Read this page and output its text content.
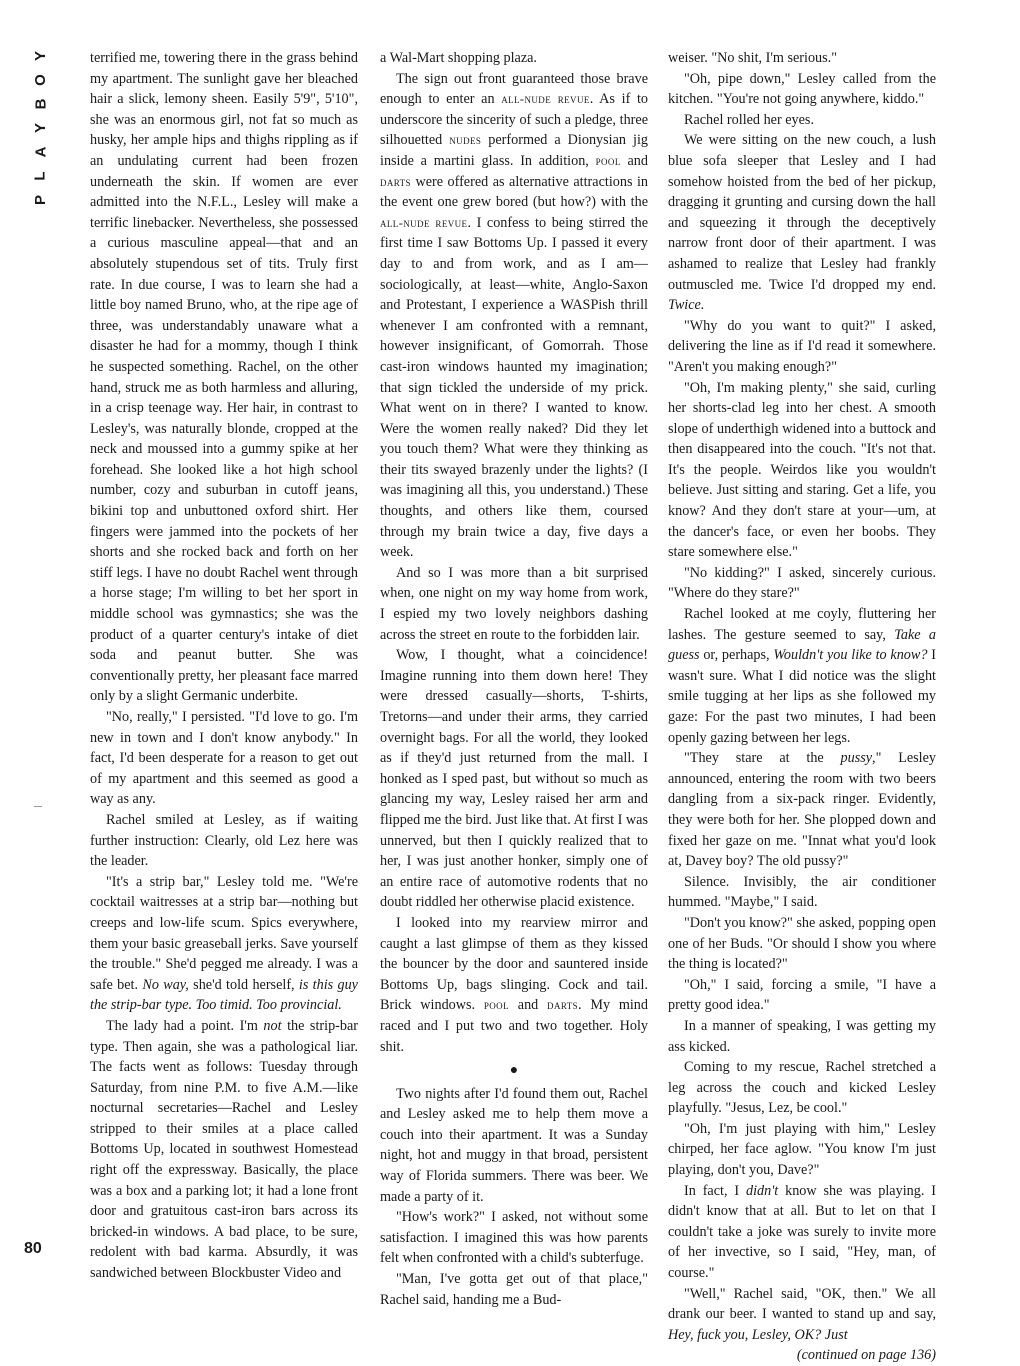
Y
O
B
Y
A
L
P
80

terrified me, towering there in the grass behind my apartment. The sunlight gave her bleached hair a slick, lemony sheen. Easily 5'9", 5'10", she was an enormous girl, not fat so much as husky, her ample hips and thighs rippling as if an undulating current had been frozen underneath the skin. If women are ever admitted into the N.F.L., Lesley will make a terrific linebacker. Nevertheless, she possessed a curious masculine appeal—that and an absolutely stupendous set of tits. Truly first rate. In due course, I was to learn she had a little boy named Bruno, who, at the ripe age of three, was understandably unaware what a disaster he had for a mommy, though I think he suspected something. Rachel, on the other hand, struck me as both harmless and alluring, in a crisp teenage way. Her hair, in contrast to Lesley's, was naturally blonde, cropped at the neck and moussed into a gummy spike at her forehead. She looked like a hot high school number, cozy and suburban in cutoff jeans, bikini top and unbuttoned oxford shirt. Her fingers were jammed into the pockets of her shorts and she rocked back and forth on her stiff legs. I have no doubt Rachel went through a horse stage; I'm willing to bet her sport in middle school was gymnastics; she was the product of a quarter century's intake of diet soda and peanut butter. She was conventionally pretty, her pleasant face marred only by a slight Germanic underbite.

"No, really," I persisted. "I'd love to go. I'm new in town and I don't know anybody." In fact, I'd been desperate for a reason to get out of my apartment and this seemed as good a way as any.

Rachel smiled at Lesley, as if waiting further instruction: Clearly, old Lez here was the leader.

"It's a strip bar," Lesley told me. "We're cocktail waitresses at a strip bar—nothing but creeps and low-life scum. Spics everywhere, them your basic greaseball jerks. Save yourself the trouble." She'd pegged me already. I was a safe bet. No way, she'd told herself, is this guy the strip-bar type. Too timid. Too provincial.

The lady had a point. I'm not the strip-bar type. Then again, she was a pathological liar. The facts went as follows: Tuesday through Saturday, from nine P.M. to five A.M.—like nocturnal secretaries—Rachel and Lesley stripped to their smiles at a place called Bottoms Up, located in southwest Homestead right off the expressway. Basically, the place was a box and a parking lot; it had a lone front door and gratuitous cast-iron bars across its bricked-in windows. A bad place, to be sure, redolent with bad karma. Absurdly, it was sandwiched between Blockbuster Video and

a Wal-Mart shopping plaza.

The sign out front guaranteed those brave enough to enter an all-nude revue. As if to underscore the sincerity of such a pledge, three silhouetted nudes performed a Dionysian jig inside a martini glass. In addition, pool and darts were offered as alternative attractions in the event one grew bored (but how?) with the all-nude revue. I confess to being stirred the first time I saw Bottoms Up. I passed it every day to and from work, and as I am—sociologically, at least—white, Anglo-Saxon and Protestant, I experience a WASPish thrill whenever I am confronted with a remnant, however insignificant, of Gomorrah. Those cast-iron windows haunted my imagination; that sign tickled the underside of my prick. What went on in there? I wanted to know. Were the women really naked? Did they let you touch them? What were they thinking as their tits swayed brazenly under the lights? (I was imagining all this, you understand.) These thoughts, and others like them, coursed through my brain twice a day, five days a week.

And so I was more than a bit surprised when, one night on my way home from work, I espied my two lovely neighbors dashing across the street en route to the forbidden lair.

Wow, I thought, what a coincidence! Imagine running into them down here! They were dressed casually—shorts, T-shirts, Tretorns—and under their arms, they carried overnight bags. For all the world, they looked as if they'd just returned from the mall. I honked as I sped past, but without so much as glancing my way, Lesley raised her arm and flipped me the bird. Just like that. At first I was unnerved, but then I quickly realized that to her, I was just another honker, simply one of an entire race of automotive rodents that no doubt riddled her otherwise placid existence.

I looked into my rearview mirror and caught a last glimpse of them as they kissed the bouncer by the door and sauntered inside Bottoms Up, bags slinging. Cock and tail. Brick windows. pool and darts. My mind raced and I put two and two together. Holy shit.

●

Two nights after I'd found them out, Rachel and Lesley asked me to help them move a couch into their apartment. It was a Sunday night, hot and muggy in that broad, persistent way of Florida summers. There was beer. We made a party of it.

"How's work?" I asked, not without some satisfaction. I imagined this was how parents felt when confronted with a child's subterfuge.

"Man, I've gotta get out of that place," Rachel said, handing me a Bud-

weiser. "No shit, I'm serious."

"Oh, pipe down," Lesley called from the kitchen. "You're not going anywhere, kiddo."

Rachel rolled her eyes.

We were sitting on the new couch, a lush blue sofa sleeper that Lesley and I had somehow hoisted from the bed of her pickup, dragging it grunting and cursing down the hall and squeezing it through the deceptively narrow front door of their apartment. I was ashamed to realize that Lesley had frankly outmuscled me. Twice I'd dropped my end. Twice.

"Why do you want to quit?" I asked, delivering the line as if I'd read it somewhere. "Aren't you making enough?"

"Oh, I'm making plenty," she said, curling her shorts-clad leg into her chest. A smooth slope of underthigh widened into a buttock and then disappeared into the couch. "It's not that. It's the people. Weirdos like you wouldn't believe. Just sitting and staring. Get a life, you know? And they don't stare at your—um, at the dancer's face, or even her boobs. They stare somewhere else."

"No kidding?" I asked, sincerely curious. "Where do they stare?"

Rachel looked at me coyly, fluttering her lashes. The gesture seemed to say, Take a guess or, perhaps, Wouldn't you like to know? I wasn't sure. What I did notice was the slight smile tugging at her lips as she followed my gaze: For the past two minutes, I had been openly gazing between her legs.

"They stare at the pussy," Lesley announced, entering the room with two beers dangling from a six-pack ringer. Evidently, they were both for her. She plopped down and fixed her gaze on me. "Innat what you'd look at, Davey boy? The old pussy?"

Silence. Invisibly, the air conditioner hummed. "Maybe," I said.

"Don't you know?" she asked, popping open one of her Buds. "Or should I show you where the thing is located?"

"Oh," I said, forcing a smile, "I have a pretty good idea."

In a manner of speaking, I was getting my ass kicked.

Coming to my rescue, Rachel stretched a leg across the couch and kicked Lesley playfully. "Jesus, Lez, be cool."

"Oh, I'm just playing with him," Lesley chirped, her face aglow. "You know I'm just playing, don't you, Dave?"

In fact, I didn't know she was playing. I didn't know that at all. But to let on that I couldn't take a joke was surely to invite more of her invective, so I said, "Hey, man, of course."

"Well," Rachel said, "OK, then." We all drank our beer. I wanted to stand up and say, Hey, fuck you, Lesley, OK? Just

(continued on page 136)
